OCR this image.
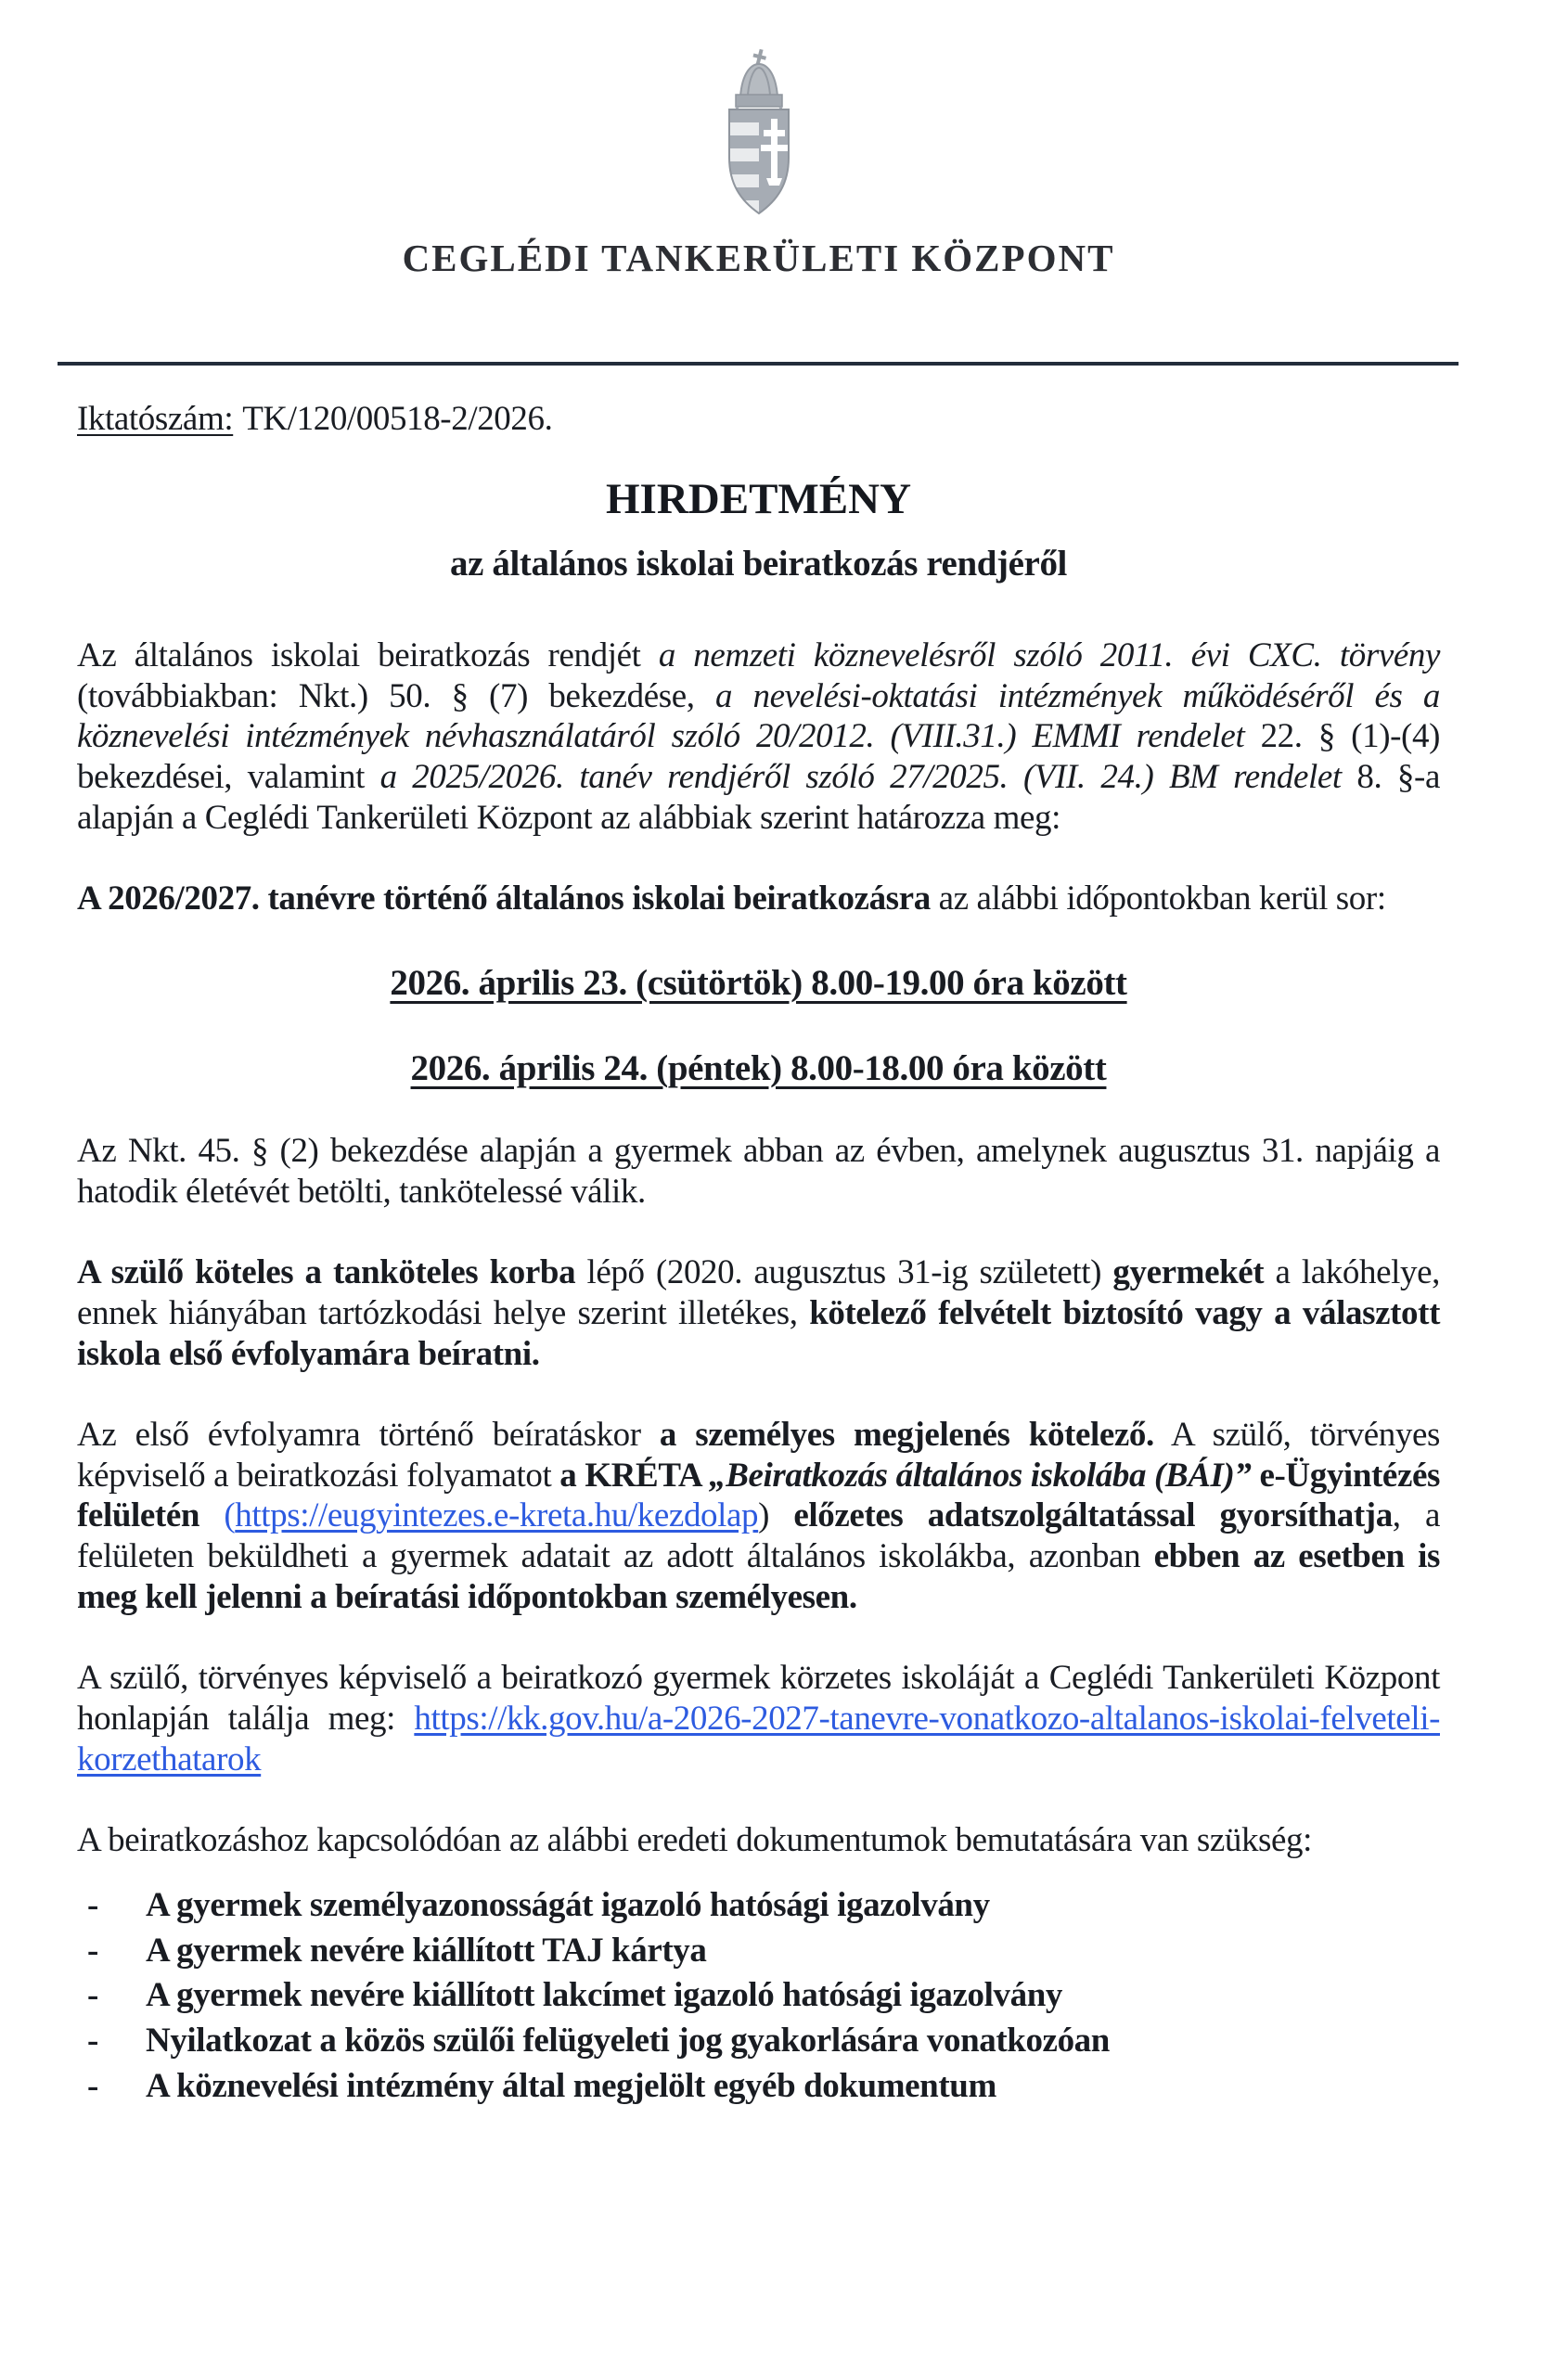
CEGLÉDI TANKERÜLETI KÖZPONT

Iktatószám: TK/120/00518-2/2026.

HIRDETMÉNY
az általános iskolai beiratkozás rendjéről

Az általános iskolai beiratkozás rendjét a nemzeti köznevelésről szóló 2011. évi CXC. törvény (továbbiakban: Nkt.) 50. § (7) bekezdése, a nevelési-oktatási intézmények működéséről és a köznevelési intézmények névhasználatáról szóló 20/2012. (VIII.31.) EMMI rendelet 22. § (1)-(4) bekezdései, valamint a 2025/2026. tanév rendjéről szóló 27/2025. (VII. 24.) BM rendelet 8. §-a alapján a Ceglédi Tankerületi Központ az alábbiak szerint határozza meg:

A 2026/2027. tanévre történő általános iskolai beiratkozásra az alábbi időpontokban kerül sor:

2026. április 23. (csütörtök) 8.00-19.00 óra között

2026. április 24. (péntek) 8.00-18.00 óra között

Az Nkt. 45. § (2) bekezdése alapján a gyermek abban az évben, amelynek augusztus 31. napjáig a hatodik életévét betölti, tankötelessé válik.

A szülő köteles a tanköteles korba lépő (2020. augusztus 31-ig született) gyermekét a lakóhelye, ennek hiányában tartózkodási helye szerint illetékes, kötelező felvételt biztosító vagy a választott iskola első évfolyamára beíratni.

Az első évfolyamra történő beíratáskor a személyes megjelenés kötelező. A szülő, törvényes képviselő a beiratkozási folyamatot a KRÉTA „Beiratkozás általános iskolába (BÁI)” e-Ügyintézés felületén (https://eugyintezes.e-kreta.hu/kezdolap) előzetes adatszolgáltatással gyorsíthatja, a felületen beküldheti a gyermek adatait az adott általános iskolákba, azonban ebben az esetben is meg kell jelenni a beíratási időpontokban személyesen.

A szülő, törvényes képviselő a beiratkozó gyermek körzetes iskoláját a Ceglédi Tankerületi Központ honlapján találja meg: https://kk.gov.hu/a-2026-2027-tanevre-vonatkozo-altalanos-iskolai-felveteli-korzethatarok

A beiratkozáshoz kapcsolódóan az alábbi eredeti dokumentumok bemutatására van szükség:

- A gyermek személyazonosságát igazoló hatósági igazolvány
- A gyermek nevére kiállított TAJ kártya
- A gyermek nevére kiállított lakcímet igazoló hatósági igazolvány
- Nyilatkozat a közös szülői felügyeleti jog gyakorlására vonatkozóan
- A köznevelési intézmény által megjelölt egyéb dokumentum
